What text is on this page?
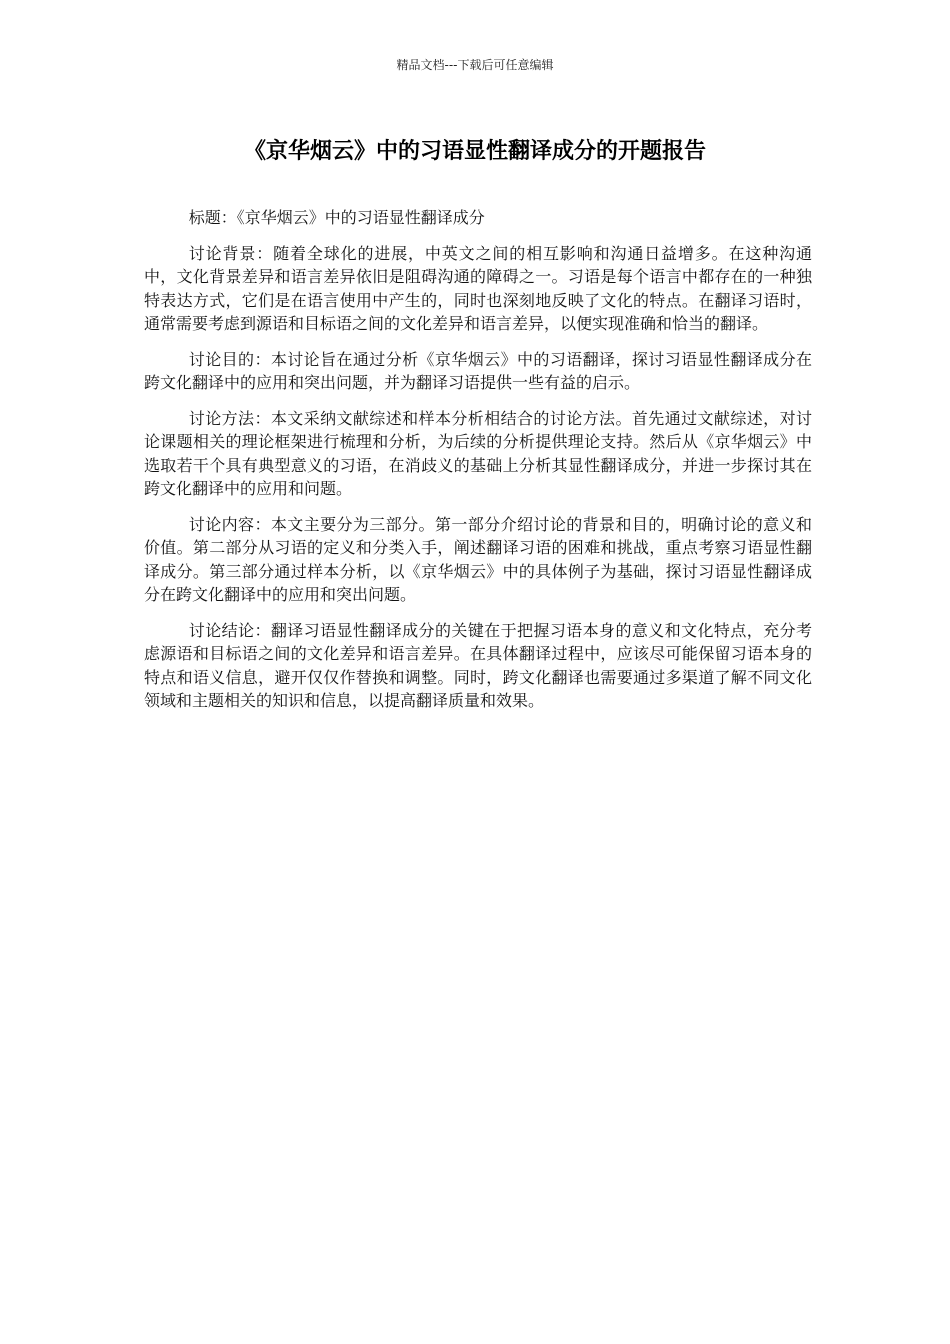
精品文档---下载后可任意编辑
《京华烟云》中的习语显性翻译成分的开题报告

标题：《京华烟云》中的习语显性翻译成分

讨论背景：随着全球化的进展，中英文之间的相互影响和沟通日益增多。在这种沟通中，文化背景差异和语言差异依旧是阻碍沟通的障碍之一。习语是每个语言中都存在的一种独特表达方式，它们是在语言使用中产生的，同时也深刻地反映了文化的特点。在翻译习语时，通常需要考虑到源语和目标语之间的文化差异和语言差异，以便实现准确和恰当的翻译。

讨论目的：本讨论旨在通过分析《京华烟云》中的习语翻译，探讨习语显性翻译成分在跨文化翻译中的应用和突出问题，并为翻译习语提供一些有益的启示。

讨论方法：本文采纳文献综述和样本分析相结合的讨论方法。首先通过文献综述，对讨论课题相关的理论框架进行梳理和分析，为后续的分析提供理论支持。然后从《京华烟云》中选取若干个具有典型意义的习语，在消歧义的基础上分析其显性翻译成分，并进一步探讨其在跨文化翻译中的应用和问题。

讨论内容：本文主要分为三部分。第一部分介绍讨论的背景和目的，明确讨论的意义和价值。第二部分从习语的定义和分类入手，阐述翻译习语的困难和挑战，重点考察习语显性翻译成分。第三部分通过样本分析，以《京华烟云》中的具体例子为基础，探讨习语显性翻译成分在跨文化翻译中的应用和突出问题。

讨论结论：翻译习语显性翻译成分的关键在于把握习语本身的意义和文化特点，充分考虑源语和目标语之间的文化差异和语言差异。在具体翻译过程中，应该尽可能保留习语本身的特点和语义信息，避开仅仅作替换和调整。同时，跨文化翻译也需要通过多渠道了解不同文化领域和主题相关的知识和信息，以提高翻译质量和效果。
